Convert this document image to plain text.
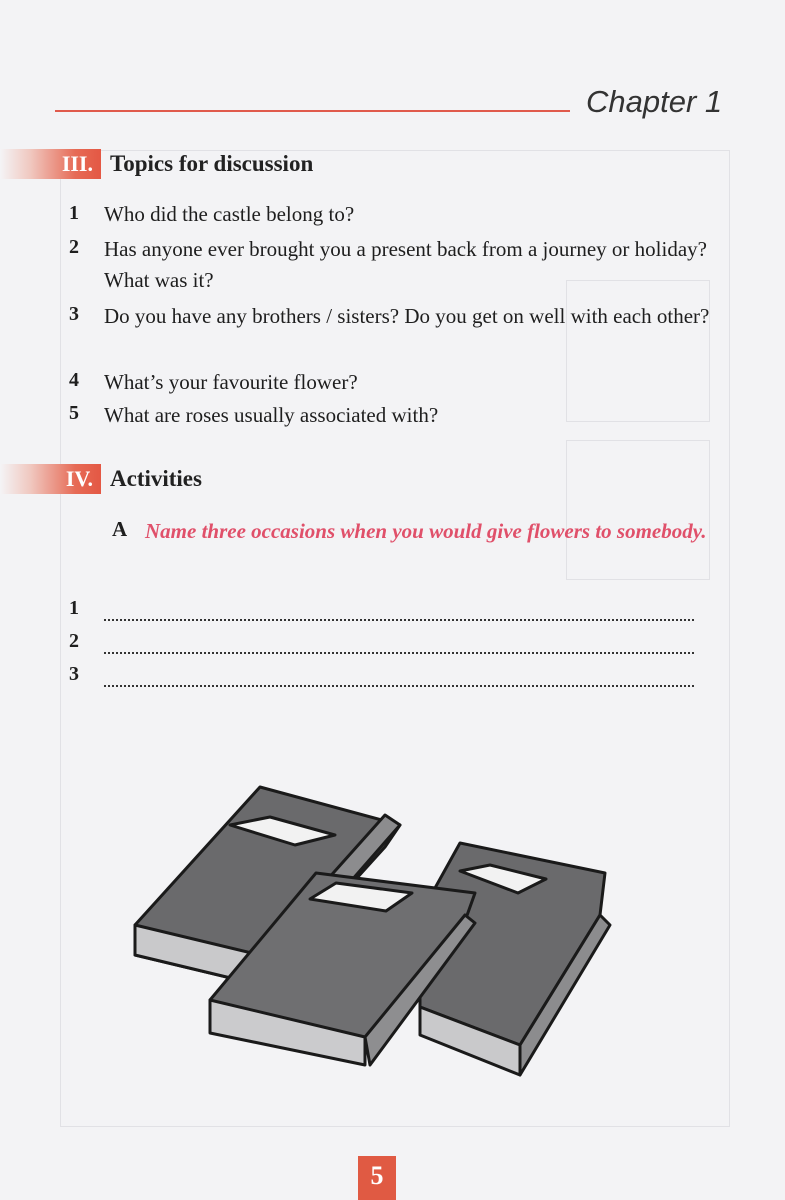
Chapter 1
III. Topics for discussion
1 Who did the castle belong to?
2 Has anyone ever brought you a present back from a journey or holiday? What was it?
3 Do you have any brothers / sisters? Do you get on well with each other?
4 What’s your favourite flower?
5 What are roses usually associated with?
IV. Activities
A Name three occasions when you would give flowers to somebody.
1
2
3
5
